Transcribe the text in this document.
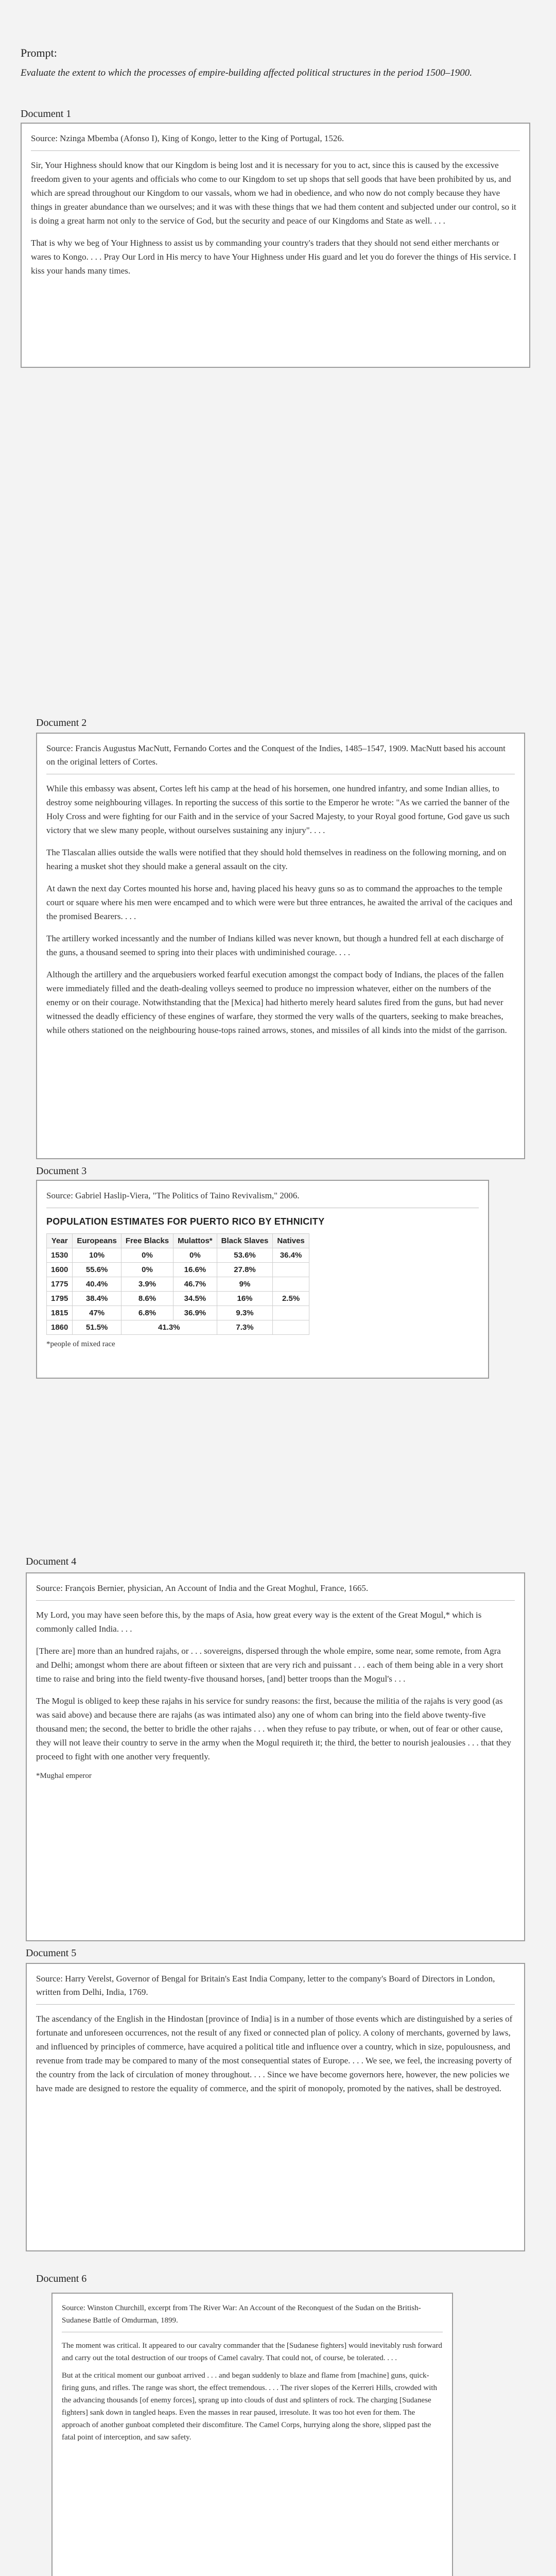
Prompt:
Evaluate the extent to which the processes of empire-building affected political structures in the period 1500–1900.
Document 1
Source: Nzinga Mbemba (Afonso I), King of Kongo, letter to the King of Portugal, 1526.

Sir, Your Highness should know that our Kingdom is being lost and it is necessary for you to act, since this is caused by the excessive freedom given to your agents and officials who come to our Kingdom to set up shops that sell goods that have been prohibited by us, and which are spread throughout our Kingdom to our vassals, whom we had in obedience, and who now do not comply because they have things in greater abundance than we ourselves; and it was with these things that we had them content and subjected under our control, so it is doing a great harm not only to the service of God, but the security and peace of our Kingdoms and State as well. . . .

That is why we beg of Your Highness to assist us by commanding your country's traders that they should not send either merchants or wares to Kongo. . . . Pray Our Lord in His mercy to have Your Highness under His guard and let you do forever the things of His service. I kiss your hands many times.

Document 2
Source: Francis Augustus MacNutt, Fernando Cortes and the Conquest of the Indies, 1485–1547, 1909. MacNutt based his account on the original letters of Cortes.

While this embassy was absent, Cortes left his camp at the head of his horsemen, one hundred infantry, and some Indian allies, to destroy some neighbouring villages. In reporting the success of this sortie to the Emperor he wrote: "As we carried the banner of the Holy Cross and were fighting for our Faith and in the service of your Sacred Majesty, to your Royal good fortune, God gave us such victory that we slew many people, without ourselves sustaining any injury". . . .

The Tlascalan allies outside the walls were notified that they should hold themselves in readiness on the following morning, and on hearing a musket shot they should make a general assault on the city.

At dawn the next day Cortes mounted his horse and, having placed his heavy guns so as to command the approaches to the temple court or square where his men were encamped and to which were were but three entrances, he awaited the arrival of the caciques and the promised Bearers. . . .

The artillery worked incessantly and the number of Indians killed was never known, but though a hundred fell at each discharge of the guns, a thousand seemed to spring into their places with undiminished courage. . . .

Although the artillery and the arquebusiers worked fearful execution amongst the compact body of Indians, the places of the fallen were immediately filled and the death-dealing volleys seemed to produce no impression whatever, either on the numbers of the enemy or on their courage. Notwithstanding that the [Mexica] had hitherto merely heard salutes fired from the guns, but had never witnessed the deadly efficiency of these engines of warfare, they stormed the very walls of the quarters, seeking to make breaches, while others stationed on the neighbouring house-tops rained arrows, stones, and missiles of all kinds into the midst of the garrison.

Document 3
Source: Gabriel Haslip-Viera, "The Politics of Taino Revivalism," 2006.
POPULATION ESTIMATES FOR PUERTO RICO BY ETHNICITY
Year	Europeans	Free Blacks	Mulattos*	Black Slaves	Natives
1530	10%	0%	0%	53.6%	36.4%
1600	55.6%	0%	16.6%	27.8%	
1775	40.4%	3.9%	46.7%	9%	
1795	38.4%	8.6%	34.5%	16%	2.5%
1815	47%	6.8%	36.9%	9.3%	
1860	51.5%	41.3%		7.3%	
*people of mixed race
Document 4
Source: François Bernier, physician, An Account of India and the Great Moghul, France, 1665.

My Lord, you may have seen before this, by the maps of Asia, how great every way is the extent of the Great Mogul,* which is commonly called India. . . .

[There are] more than an hundred rajahs, or . . . sovereigns, dispersed through the whole empire, some near, some remote, from Agra and Delhi; amongst whom there are about fifteen or sixteen that are very rich and puissant . . . each of them being able in a very short time to raise and bring into the field twenty-five thousand horses, [and] better troops than the Mogul's . . .

The Mogul is obliged to keep these rajahs in his service for sundry reasons: the first, because the militia of the rajahs is very good (as was said above) and because there are rajahs (as was intimated also) any one of whom can bring into the field above twenty-five thousand men; the second, the better to bridle the other rajahs . . . when they refuse to pay tribute, or when, out of fear or other cause, they will not leave their country to serve in the army when the Mogul requireth it; the third, the better to nourish jealousies . . . that they proceed to fight with one another very frequently.

*Mughal emperor
Document 5
Source: Harry Verelst, Governor of Bengal for Britain's East India Company, letter to the company's Board of Directors in London, written from Delhi, India, 1769.

The ascendancy of the English in the Hindostan [province of India] is in a number of those events which are distinguished by a series of fortunate and unforeseen occurrences, not the result of any fixed or connected plan of policy. A colony of merchants, governed by laws, and influenced by principles of commerce, have acquired a political title and influence over a country, which in size, populousness, and revenue from trade may be compared to many of the most consequential states of Europe. . . . We see, we feel, the increasing poverty of the country from the lack of circulation of money throughout. . . . Since we have become governors here, however, the new policies we have made are designed to restore the equality of commerce, and the spirit of monopoly, promoted by the natives, shall be destroyed.

Document 6
Source: Winston Churchill, excerpt from The River War: An Account of the Reconquest of the Sudan on the British-Sudanese Battle of Omdurman, 1899.

The moment was critical. It appeared to our cavalry commander that the [Sudanese fighters] would inevitably rush forward and carry out the total destruction of our troops of Camel cavalry. That could not, of course, be tolerated. . . .

But at the critical moment our gunboat arrived . . . and began suddenly to blaze and flame from [machine] guns, quick-firing guns, and rifles. The range was short, the effect tremendous. . . . The river slopes of the Kerreri Hills, crowded with the advancing thousands [of enemy forces], sprang up into clouds of dust and splinters of rock. The charging [Sudanese fighters] sank down in tangled heaps. Even the masses in rear paused, irresolute. It was too hot even for them. The approach of another gunboat completed their discomfiture. The Camel Corps, hurrying along the shore, slipped past the fatal point of interception, and saw safety.
